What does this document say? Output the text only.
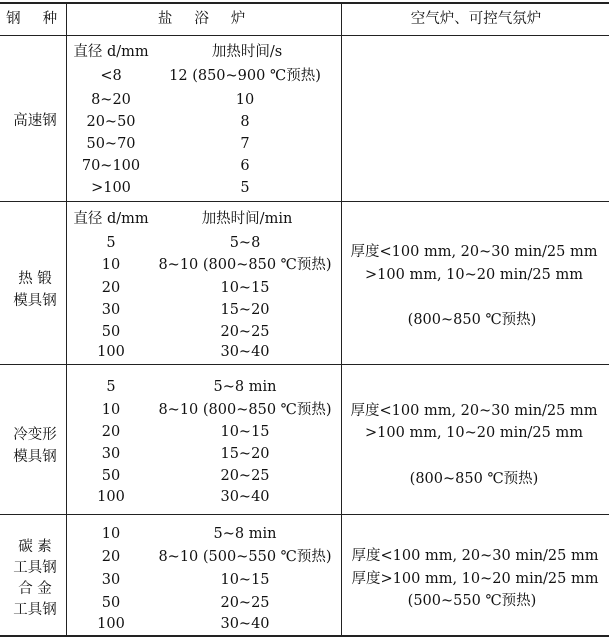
钢 种	盐 浴 炉	空气炉、可控气氛炉
高速钢
直径 d/mm	加热时间/s
<8	12 (850~900 ℃预热)
8~20	10
20~50	8
50~70	7
70~100	6
>100	5
热 锻
模具钢
直径 d/mm	加热时间/min
5	5~8
10	8~10 (800~850 ℃预热)
20	10~15
30	15~20
50	20~25
100	30~40
厚度<100 mm, 20~30 min/25 mm
>100 mm, 10~20 min/25 mm
(800~850 ℃预热)
冷变形
模具钢
5	5~8 min
10	8~10 (800~850 ℃预热)
20	10~15
30	15~20
50	20~25
100	30~40
厚度<100 mm, 20~30 min/25 mm
>100 mm, 10~20 min/25 mm
(800~850 ℃预热)
碳 素
工具钢
合 金
工具钢
10	5~8 min
20	8~10 (500~550 ℃预热)
30	10~15
50	20~25
100	30~40
厚度<100 mm, 20~30 min/25 mm
厚度>100 mm, 10~20 min/25 mm
(500~550 ℃预热)
